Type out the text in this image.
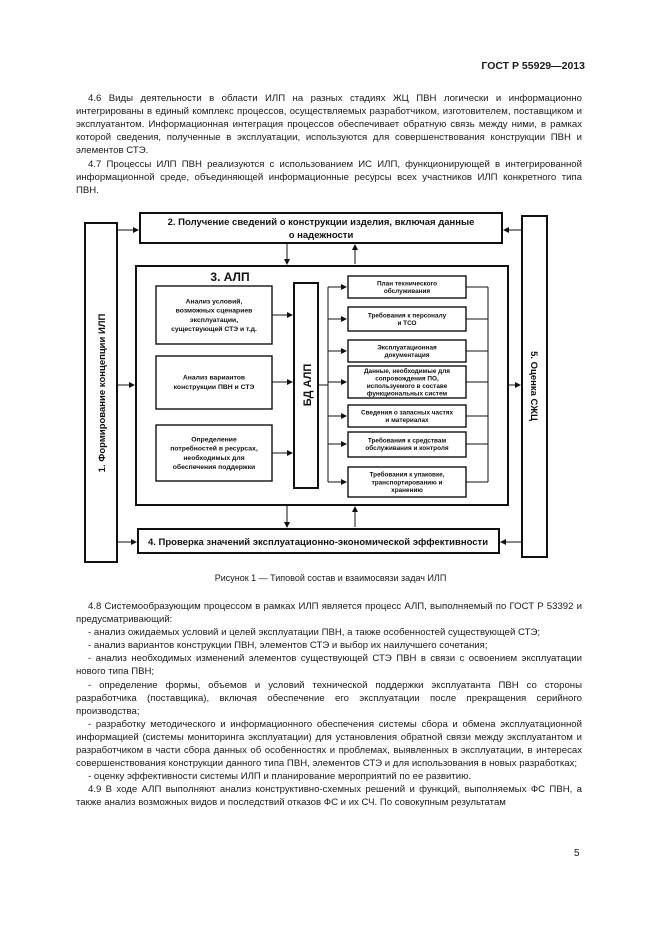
ГОСТ Р 55929—2013

4.6 Виды деятельности в области ИЛП на разных стадиях ЖЦ ПВН логически и информационно интегрированы в единый комплекс процессов, осуществляемых разработчиком, изготовителем, поставщиком и эксплуатантом. Информационная интеграция процессов обеспечивает обратную связь между ними, в рамках которой сведения, полученные в эксплуатации, используются для совершенствования конструкции ПВН и элементов СТЭ.

4.7 Процессы ИЛП ПВН реализуются с использованием ИС ИЛП, функционирующей в интегрированной информационной среде, объединяющей информационные ресурсы всех участников ИЛП конкретного типа ПВН.

1. Формирование концепции ИЛП	5. Оценка СЖЦ
2. Получение сведений о конструкции изделия, включая данные
о надежности
4. Проверка значений эксплуатационно-экономической эффективности
3. АЛП
БД АЛП
Анализ условий,
возможных сценариев
эксплуатации,
существующей СТЭ и т.д.
Анализ вариантов
конструкции ПВН и СТЭ
Определение
потребностей в ресурсах,
необходимых для
обеспечения поддержки
План технического
обслуживания
Требования к персоналу
и ТСО
Эксплуатационная
документация
Данные, необходимые для
сопровождения ПО,
используемого в составе
функциональных систем
Сведения о запасных частях
и материалах
Требования к средствам
обслуживания и контроля
Требования к упаковке,
транспортированию и
хранению
Рисунок 1 — Типовой состав и взаимосвязи задач ИЛП

4.8 Системообразующим процессом в рамках ИЛП является процесс АЛП, выполняемый по ГОСТ Р 53392 и предусматривающий:

- анализ ожидаемых условий и целей эксплуатации ПВН, а также особенностей существующей СТЭ;

- анализ вариантов конструкции ПВН, элементов СТЭ и выбор их наилучшего сочетания;

- анализ необходимых изменений элементов существующей СТЭ ПВН в связи с освоением эксплуатации нового типа ПВН;

- определение формы, объемов и условий технической поддержки эксплуатанта ПВН со стороны разработчика (поставщика), включая обеспечение его эксплуатации после прекращения серийного производства;

- разработку методического и информационного обеспечения системы сбора и обмена эксплуатационной информацией (системы мониторинга эксплуатации) для установления обратной связи между эксплуатантом и разработчиком в части сбора данных об особенностях и проблемах, выявленных в эксплуатации, в интересах совершенствования конструкции данного типа ПВН, элементов СТЭ и для использования в новых разработках;

- оценку эффективности системы ИЛП и планирование мероприятий по ее развитию.

4.9 В ходе АЛП выполняют анализ конструктивно-схемных решений и функций, выполняемых ФС ПВН, а также анализ возможных видов и последствий отказов ФС и их СЧ. По совокупным результатам

5
